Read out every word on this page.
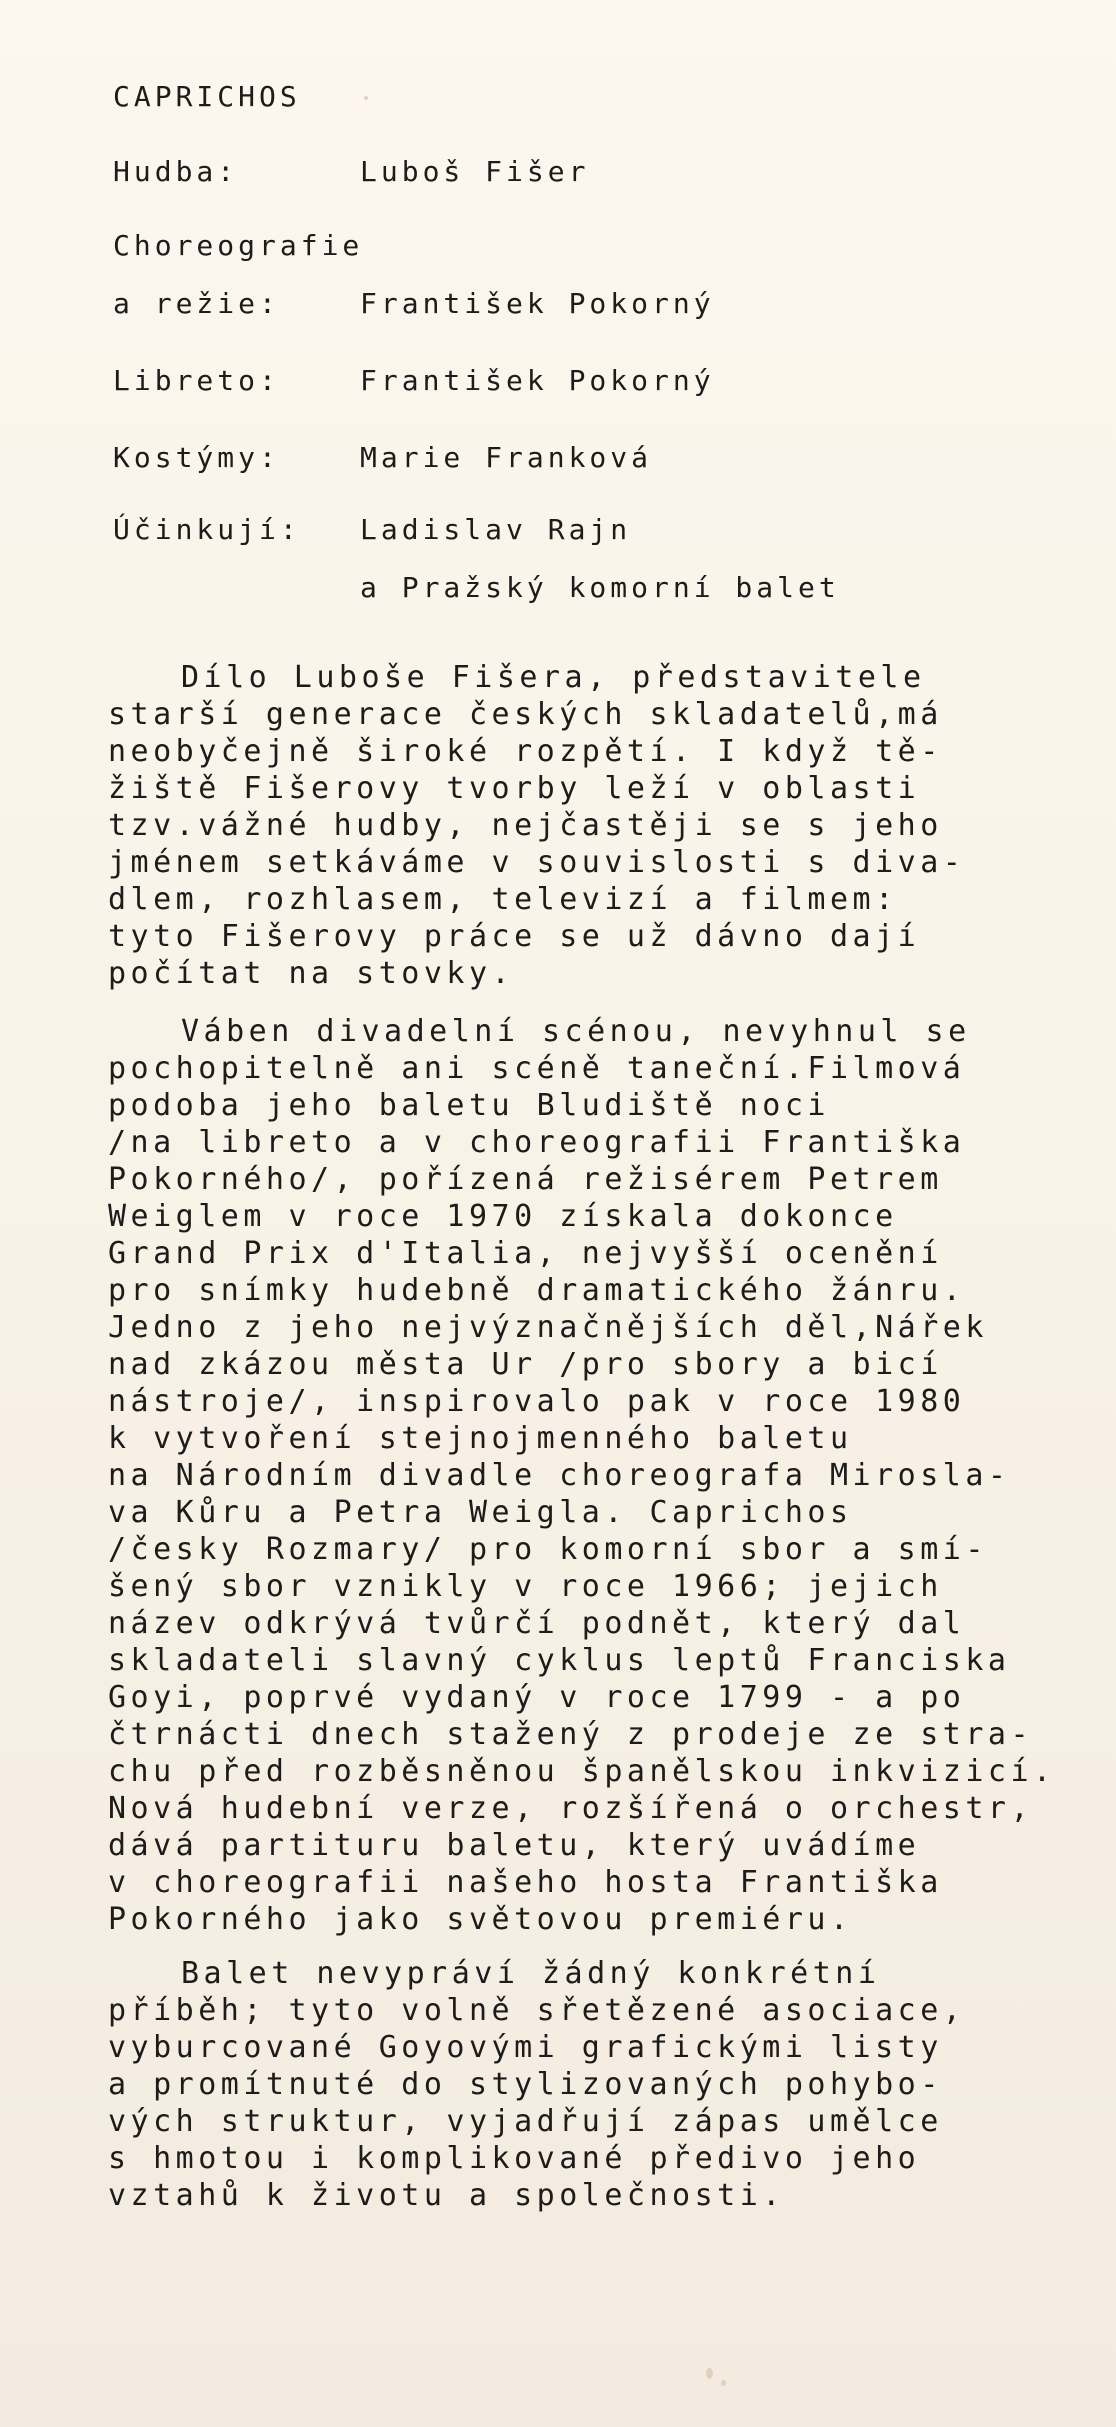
CAPRICHOS
Hudba:	Luboš Fišer
Choreografie
a režie:	František Pokorný
Libreto:	František Pokorný
Kostýmy:	Marie Franková
Účinkují: Ladislav Rajn
a Pražský komorní balet
Dílo Luboše Fišera, představitele
starší generace českých skladatelů,má
neobyčejně široké rozpětí. I když tě-
žiště Fišerovy tvorby leží v oblasti
tzv.vážné hudby, nejčastěji se s jeho
jménem setkáváme v souvislosti s diva-
dlem, rozhlasem, televizí a filmem:
tyto Fišerovy práce se už dávno dají
počítat na stovky.
Váben divadelní scénou, nevyhnul se
pochopitelně ani scéně taneční.Filmová
podoba jeho baletu Bludiště noci
/na libreto a v choreografii Františka
Pokorného/, pořízená režisérem Petrem
Weiglem v roce 1970 získala dokonce
Grand Prix d'Italia, nejvyšší ocenění
pro snímky hudebně dramatického žánru.
Jedno z jeho nejvýznačnějších děl,Nářek
nad zkázou města Ur /pro sbory a bicí
nástroje/, inspirovalo pak v roce 1980
k vytvoření stejnojmenného baletu
na Národním divadle choreografa Mirosla-
va Kůru a Petra Weigla. Caprichos
/česky Rozmary/ pro komorní sbor a smí-
šený sbor vznikly v roce 1966; jejich
název odkrývá tvůrčí podnět, který dal
skladateli slavný cyklus leptů Franciska
Goyi, poprvé vydaný v roce 1799 - a po
čtrnácti dnech stažený z prodeje ze stra-
chu před rozběsněnou španělskou inkvizicí.
Nová hudební verze, rozšířená o orchestr,
dává partituru baletu, který uvádíme
v choreografii našeho hosta Františka
Pokorného jako světovou premiéru.
Balet nevypráví žádný konkrétní
příběh; tyto volně sřetězené asociace,
vyburcované Goyovými grafickými listy
a promítnuté do stylizovaných pohybo-
vých struktur, vyjadřují zápas umělce
s hmotou i komplikované předivo jeho
vztahů k životu a společnosti.
